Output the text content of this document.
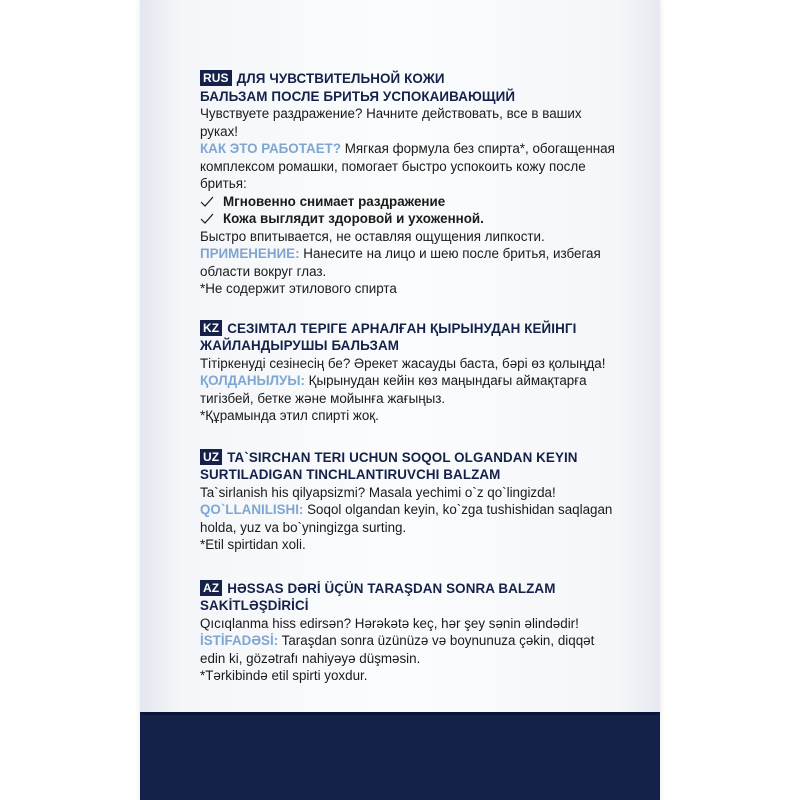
RUS ДЛЯ ЧУВСТВИТЕЛЬНОЙ КОЖИ
БАЛЬЗАМ ПОСЛЕ БРИТЬЯ УСПОКАИВАЮЩИЙ

Чувствуете раздражение? Начните действовать, все в ваших руках!

КАК ЭТО РАБОТАЕТ? Мягкая формула без спирта*, обогащенная комплексом ромашки, помогает быстро успокоить кожу после бритья:

Мгновенно снимает раздражение
Кожа выглядит здоровой и ухоженной.

Быстро впитывается, не оставляя ощущения липкости.

ПРИМЕНЕНИЕ: Нанесите на лицо и шею после бритья, избегая области вокруг глаз.

*Не содержит этилового спирта

KZ СЕЗІМТАЛ ТЕРІГЕ АРНАЛҒАН ҚЫРЫНУДАН КЕЙІНГІ
ЖАЙЛАНДЫРУШЫ БАЛЬЗАМ

Тітіркенуді сезінесің бе? Әрекет жасауды баста, бәрі өз қолыңда!

ҚОЛДАНЫЛУЫ: Қырынудан кейін көз маңындағы аймақтарға тигізбей, бетке және мойынға жағыңыз.

*Құрамында этил спирті жоқ.

UZ TA`SIRCHAN TERI UCHUN SOQOL OLGANDAN KEYIN
SURTILADIGAN TINCHLANTIRUVCHI BALZAM

Ta`sirlanish his qilyapsizmi? Masala yechimi o`z qo`lingizda!

QO`LLANILISHI: Soqol olgandan keyin, ko`zga tushishidan saqlagan holda, yuz va bo`yningizga surting.

*Etil spirtidan xoli.

AZ HƏSSAS DƏRİ ÜÇÜN TARAŞDAN SONRA BALZAM
SAKİTLƏŞDİRİCİ

Qıcıqlanma hiss edirsən? Hərəkətə keç, hər şey sənin əlindədir!

İSTİFADƏSİ: Taraşdan sonra üzünüzə və boynunuza çəkin, diqqət edin ki, gözətrafı nahiyəyə düşməsin.

*Tərkibində etil spirti yoxdur.
